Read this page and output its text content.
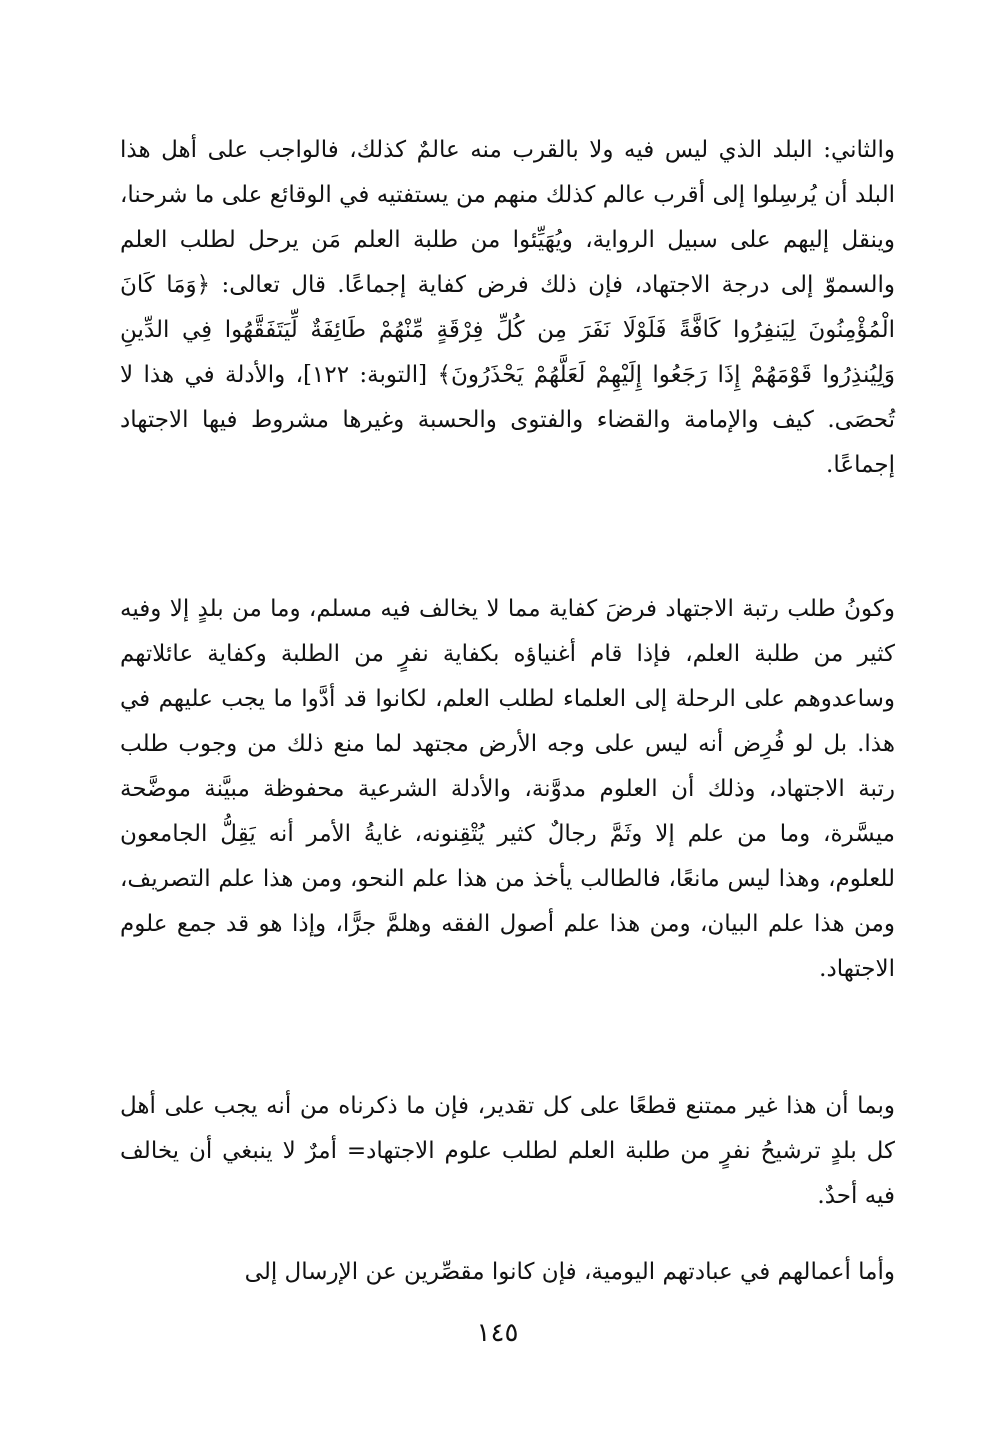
والثاني: البلد الذي ليس فيه ولا بالقرب منه عالمٌ كذلك، فالواجب على أهل هذا البلد أن يُرسِلوا إلى أقرب عالم كذلك منهم من يستفتيه في الوقائع على ما شرحنا، وينقل إليهم على سبيل الرواية، ويُهَيِّئوا من طلبة العلم مَن يرحل لطلب العلم والسموّ إلى درجة الاجتهاد، فإن ذلك فرض كفاية إجماعًا. قال تعالى: ﴿وَمَا كَانَ الْمُؤْمِنُونَ لِيَنفِرُوا كَافَّةً فَلَوْلَا نَفَرَ مِن كُلِّ فِرْقَةٍ مِّنْهُمْ طَائِفَةٌ لِّيَتَفَقَّهُوا فِي الدِّينِ وَلِيُنذِرُوا قَوْمَهُمْ إِذَا رَجَعُوا إِلَيْهِمْ لَعَلَّهُمْ يَحْذَرُونَ﴾ [التوبة: ١٢٢]، والأدلة في هذا لا تُحصَى. كيف والإمامة والقضاء والفتوى والحسبة وغيرها مشروط فيها الاجتهاد إجماعًا.

وكونُ طلب رتبة الاجتهاد فرضَ كفاية مما لا يخالف فيه مسلم، وما من بلدٍ إلا وفيه كثير من طلبة العلم، فإذا قام أغنياؤه بكفاية نفرٍ من الطلبة وكفاية عائلاتهم وساعدوهم على الرحلة إلى العلماء لطلب العلم، لكانوا قد أدَّوا ما يجب عليهم في هذا. بل لو فُرِض أنه ليس على وجه الأرض مجتهد لما منع ذلك من وجوب طلب رتبة الاجتهاد، وذلك أن العلوم مدوَّنة، والأدلة الشرعية محفوظة مبيَّنة موضَّحة ميسَّرة، وما من علم إلا وثَمَّ رجالٌ كثير يُتْقِنونه، غايةُ الأمر أنه يَقِلُّ الجامعون للعلوم، وهذا ليس مانعًا، فالطالب يأخذ من هذا علم النحو، ومن هذا علم التصريف، ومن هذا علم البيان، ومن هذا علم أصول الفقه وهلمَّ جرًّا، وإذا هو قد جمع علوم الاجتهاد.

وبما أن هذا غير ممتنع قطعًا على كل تقدير، فإن ما ذكرناه من أنه يجب على أهل كل بلدٍ ترشيحُ نفرٍ من طلبة العلم لطلب علوم الاجتهاد= أمرٌ لا ينبغي أن يخالف فيه أحدٌ.

وأما أعمالهم في عبادتهم اليومية، فإن كانوا مقصِّرين عن الإرسال إلى

١٤٥
